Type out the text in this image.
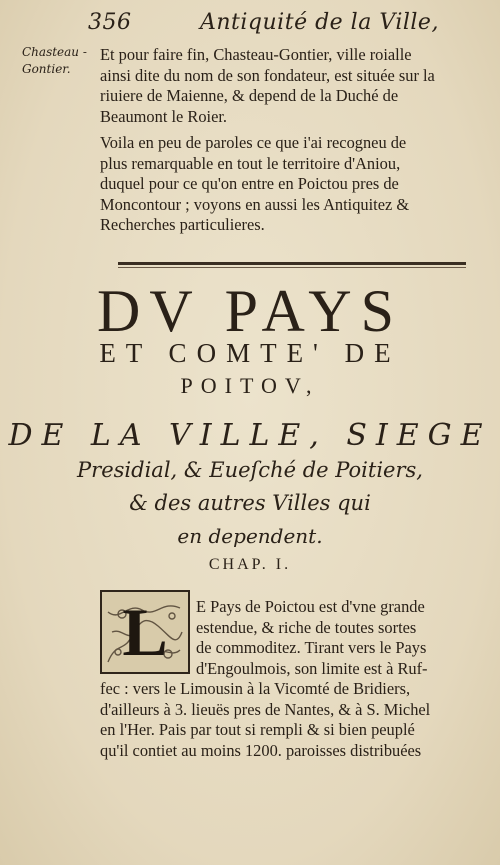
356	Antiquité de la Ville,
Chasteau -
Gontier.
Et pour faire fin, Chasteau-Gontier, ville roialle
ainsi dite du nom de son fondateur, est située sur la
riuiere de Maienne, & depend de la Duché de
Beaumont le Roier.
Voila en peu de paroles ce que i'ai recogneu de
plus remarquable en tout le territoire d'Aniou,
duquel pour ce qu'on entre en Poictou pres de
Moncontour ; voyons en aussi les Antiquitez &
Recherches particulieres.
DV PAYS
ET COMTE' DE
POITOV,
DE LA VILLE, SIEGE
Presidial, & Eueſché de Poitiers,
& des autres Villes qui
en dependent.
CHAP. I.
L	E Pays de Poictou est d'vne grande
estendue, & riche de toutes sortes
de commoditez. Tirant vers le Pays
d'Engoulmois, son limite est à Ruf-
fec : vers le Limousin à la Vicomté de Bridiers,
d'ailleurs à 3. lieuës pres de Nantes, & à S. Michel
en l'Her. Pais par tout si rempli & si bien peuplé
qu'il contiet au moins 1200. paroisses distribuées
